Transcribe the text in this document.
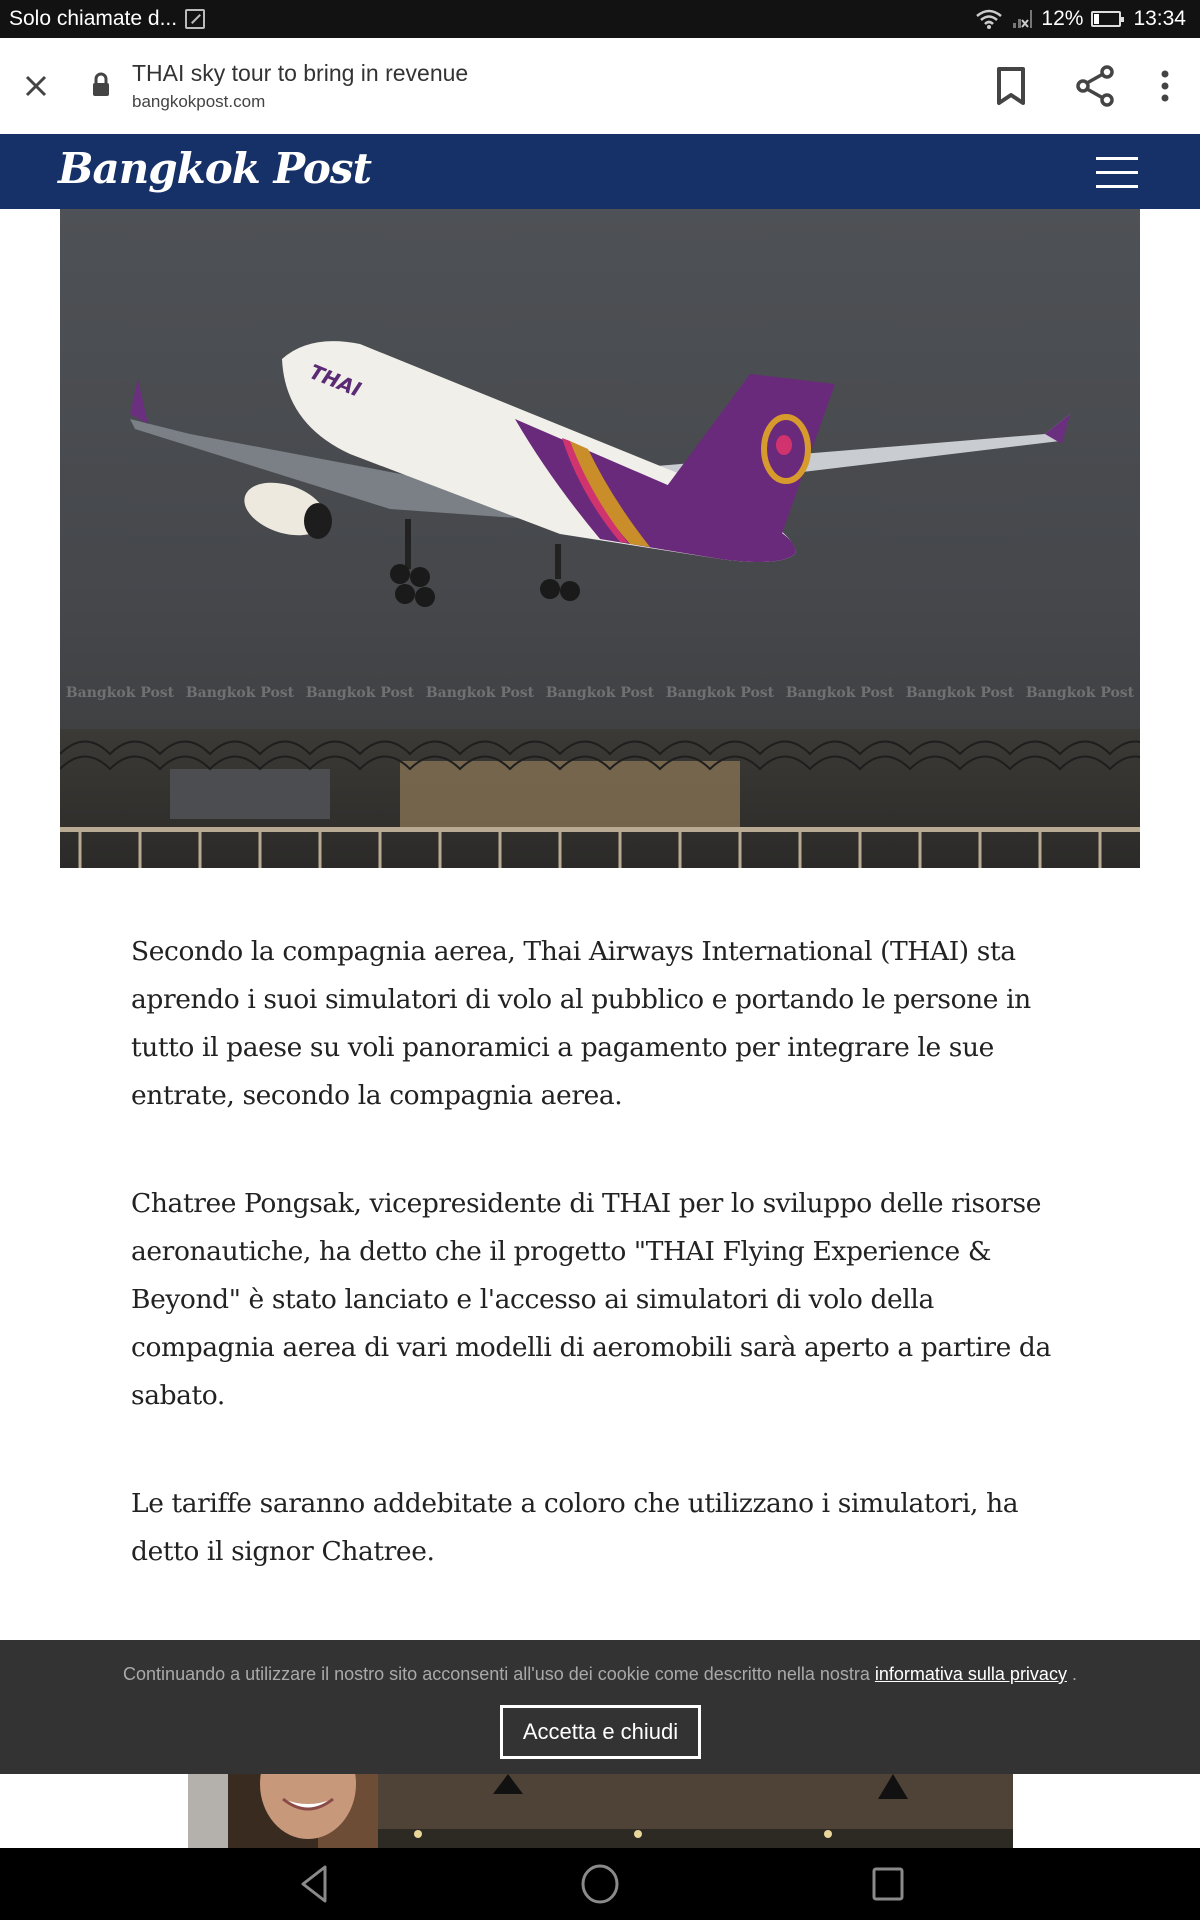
Solo chiamate d...	12% 13:34
THAI sky tour to bring in revenue
bangkokpost.com
Bangkok Post
THAI
Bangkok Post Bangkok Post Bangkok Post Bangkok Post Bangkok Post Bangkok Post Bangkok Post Bangkok Post Bangkok Post

Secondo la compagnia aerea, Thai Airways International (THAI) sta aprendo i suoi simulatori di volo al pubblico e portando le persone in tutto il paese su voli panoramici a pagamento per integrare le sue entrate, secondo la compagnia aerea.

Chatree Pongsak, vicepresidente di THAI per lo sviluppo delle risorse aeronautiche, ha detto che il progetto "THAI Flying Experience & Beyond" è stato lanciato e l'accesso ai simulatori di volo della compagnia aerea di vari modelli di aeromobili sarà aperto a partire da sabato.

Le tariffe saranno addebitate a coloro che utilizzano i simulatori, ha detto il signor Chatree.

Continuando a utilizzare il nostro sito acconsenti all'uso dei cookie come descritto nella nostra informativa sulla privacy .
Accetta e chiudi
